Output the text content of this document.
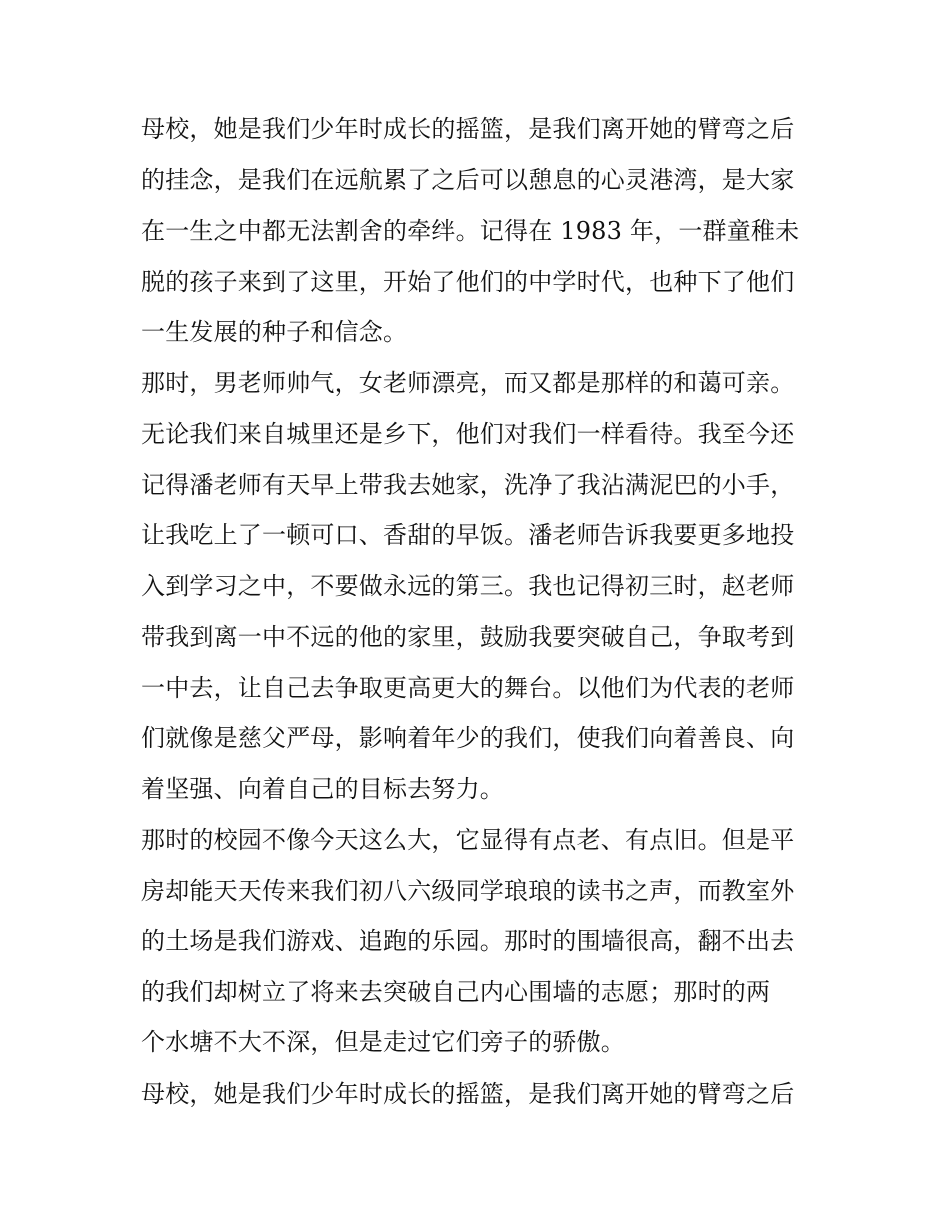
母校，她是我们少年时成长的摇篮，是我们离开她的臂弯之后
的挂念，是我们在远航累了之后可以憩息的心灵港湾，是大家
在一生之中都无法割舍的牵绊。记得在 1983 年，一群童稚未
脱的孩子来到了这里，开始了他们的中学时代，也种下了他们
一生发展的种子和信念。
那时，男老师帅气，女老师漂亮，而又都是那样的和蔼可亲。
无论我们来自城里还是乡下，他们对我们一样看待。我至今还
记得潘老师有天早上带我去她家，洗净了我沾满泥巴的小手，
让我吃上了一顿可口、香甜的早饭。潘老师告诉我要更多地投
入到学习之中，不要做永远的第三。我也记得初三时，赵老师
带我到离一中不远的他的家里，鼓励我要突破自己，争取考到
一中去，让自己去争取更高更大的舞台。以他们为代表的老师
们就像是慈父严母，影响着年少的我们，使我们向着善良、向
着坚强、向着自己的目标去努力。
那时的校园不像今天这么大，它显得有点老、有点旧。但是平
房却能天天传来我们初八六级同学琅琅的读书之声，而教室外
的土场是我们游戏、追跑的乐园。那时的围墙很高，翻不出去
的我们却树立了将来去突破自己内心围墙的志愿；那时的两
个水塘不大不深，但是走过它们旁子的骄傲。
母校，她是我们少年时成长的摇篮，是我们离开她的臂弯之后
